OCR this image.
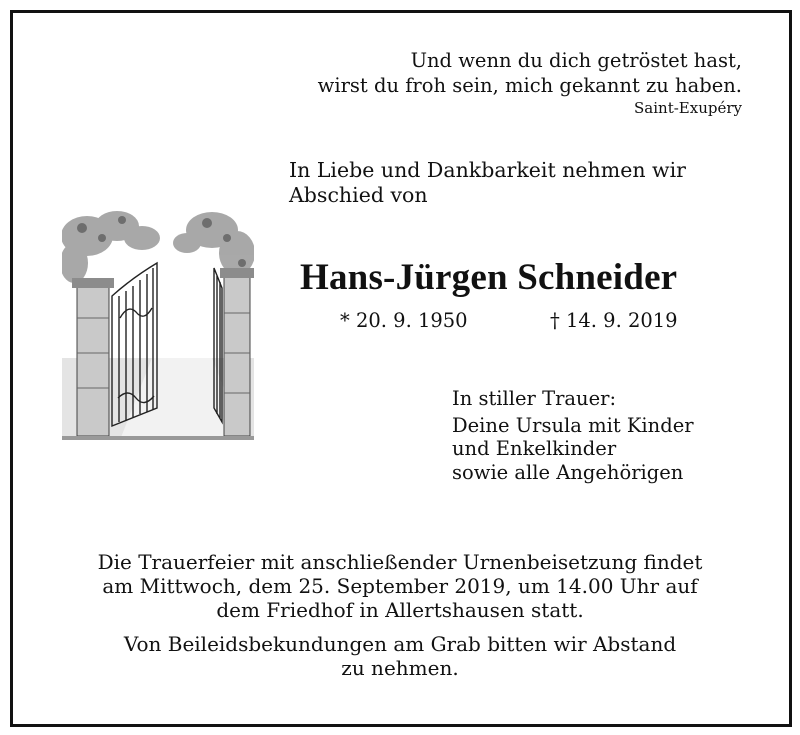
Und wenn du dich getröstet hast,
wirst du froh sein, mich gekannt zu haben.
Saint-Exupéry
In Liebe und Dankbarkeit nehmen wir
Abschied von
Hans-Jürgen Schneider
* 20. 9. 1950	† 14. 9. 2019
In stiller Trauer:
Deine Ursula mit Kinder
und Enkelkinder
sowie alle Angehörigen
Die Trauerfeier mit anschließender Urnenbeisetzung findet
am Mittwoch, dem 25. September 2019, um 14.00 Uhr auf
dem Friedhof in Allertshausen statt.
Von Beileidsbekundungen am Grab bitten wir Abstand
zu nehmen.
